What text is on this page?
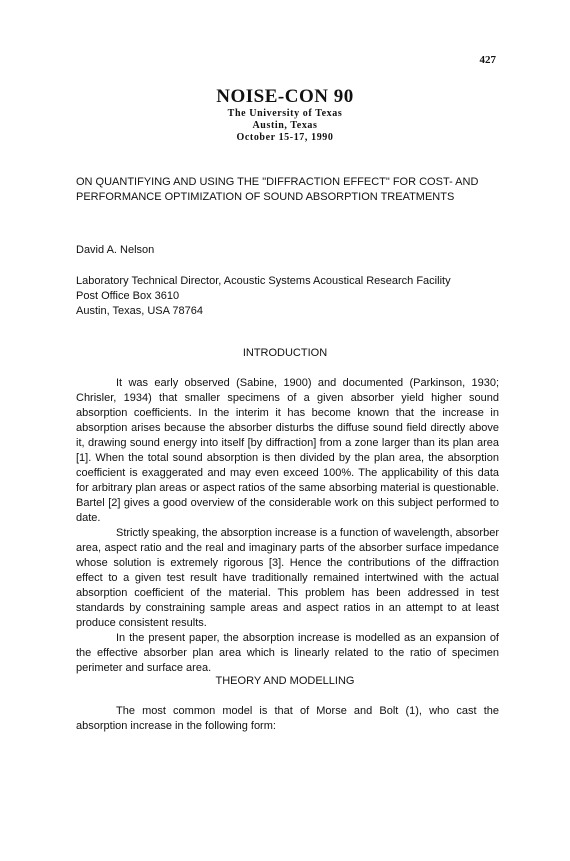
427
NOISE-CON 90
The University of Texas
Austin, Texas
October 15-17, 1990
ON QUANTIFYING AND USING THE "DIFFRACTION EFFECT" FOR COST- AND
PERFORMANCE OPTIMIZATION OF SOUND ABSORPTION TREATMENTS
David A. Nelson
Laboratory Technical Director, Acoustic Systems Acoustical Research Facility
Post Office Box 3610
Austin, Texas, USA 78764
INTRODUCTION

It was early observed (Sabine, 1900) and documented (Parkinson, 1930; Chrisler, 1934) that smaller specimens of a given absorber yield higher sound absorption coefficients. In the interim it has become known that the increase in absorption arises because the absorber disturbs the diffuse sound field directly above it, drawing sound energy into itself [by diffraction] from a zone larger than its plan area [1]. When the total sound absorption is then divided by the plan area, the absorption coefficient is exaggerated and may even exceed 100%. The applicability of this data for arbitrary plan areas or aspect ratios of the same absorbing material is questionable. Bartel [2] gives a good overview of the considerable work on this subject performed to date.

Strictly speaking, the absorption increase is a function of wavelength, absorber area, aspect ratio and the real and imaginary parts of the absorber surface impedance whose solution is extremely rigorous [3]. Hence the contributions of the diffraction effect to a given test result have traditionally remained intertwined with the actual absorption coefficient of the material. This problem has been addressed in test standards by constraining sample areas and aspect ratios in an attempt to at least produce consistent results.

In the present paper, the absorption increase is modelled as an expansion of the effective absorber plan area which is linearly related to the ratio of specimen perimeter and surface area.

THEORY AND MODELLING

The most common model is that of Morse and Bolt (1), who cast the absorption increase in the following form:
